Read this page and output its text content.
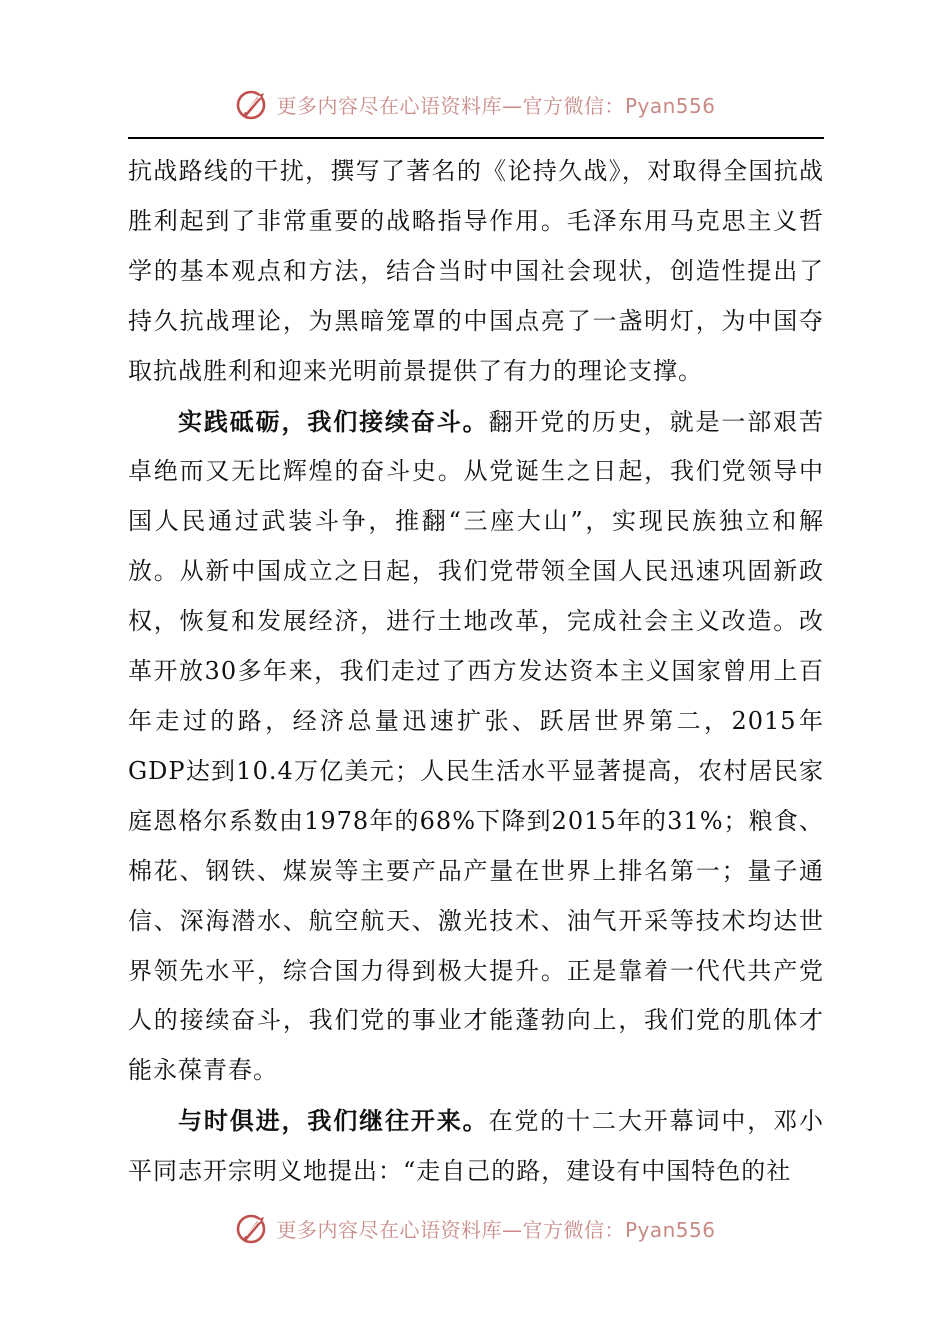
更多内容尽在心语资料库—官方微信：Pyan556

抗战路线的干扰，撰写了著名的《论持久战》，对取得全国抗战胜利起到了非常重要的战略指导作用。毛泽东用马克思主义哲学的基本观点和方法，结合当时中国社会现状，创造性提出了持久抗战理论，为黑暗笼罩的中国点亮了一盏明灯，为中国夺取抗战胜利和迎来光明前景提供了有力的理论支撑。

实践砥砺，我们接续奋斗。翻开党的历史，就是一部艰苦卓绝而又无比辉煌的奋斗史。从党诞生之日起，我们党领导中国人民通过武装斗争，推翻“三座大山”，实现民族独立和解放。从新中国成立之日起，我们党带领全国人民迅速巩固新政权，恢复和发展经济，进行土地改革，完成社会主义改造。改革开放30多年来，我们走过了西方发达资本主义国家曾用上百年走过的路，经济总量迅速扩张、跃居世界第二，2015年GDP达到10.4万亿美元；人民生活水平显著提高，农村居民家庭恩格尔系数由1978年的68%下降到2015年的31%；粮食、棉花、钢铁、煤炭等主要产品产量在世界上排名第一；量子通信、深海潜水、航空航天、激光技术、油气开采等技术均达世界领先水平，综合国力得到极大提升。正是靠着一代代共产党人的接续奋斗，我们党的事业才能蓬勃向上，我们党的肌体才能永葆青春。

与时俱进，我们继往开来。在党的十二大开幕词中，邓小平同志开宗明义地提出：“走自己的路，建设有中国特色的社

更多内容尽在心语资料库—官方微信：Pyan556
